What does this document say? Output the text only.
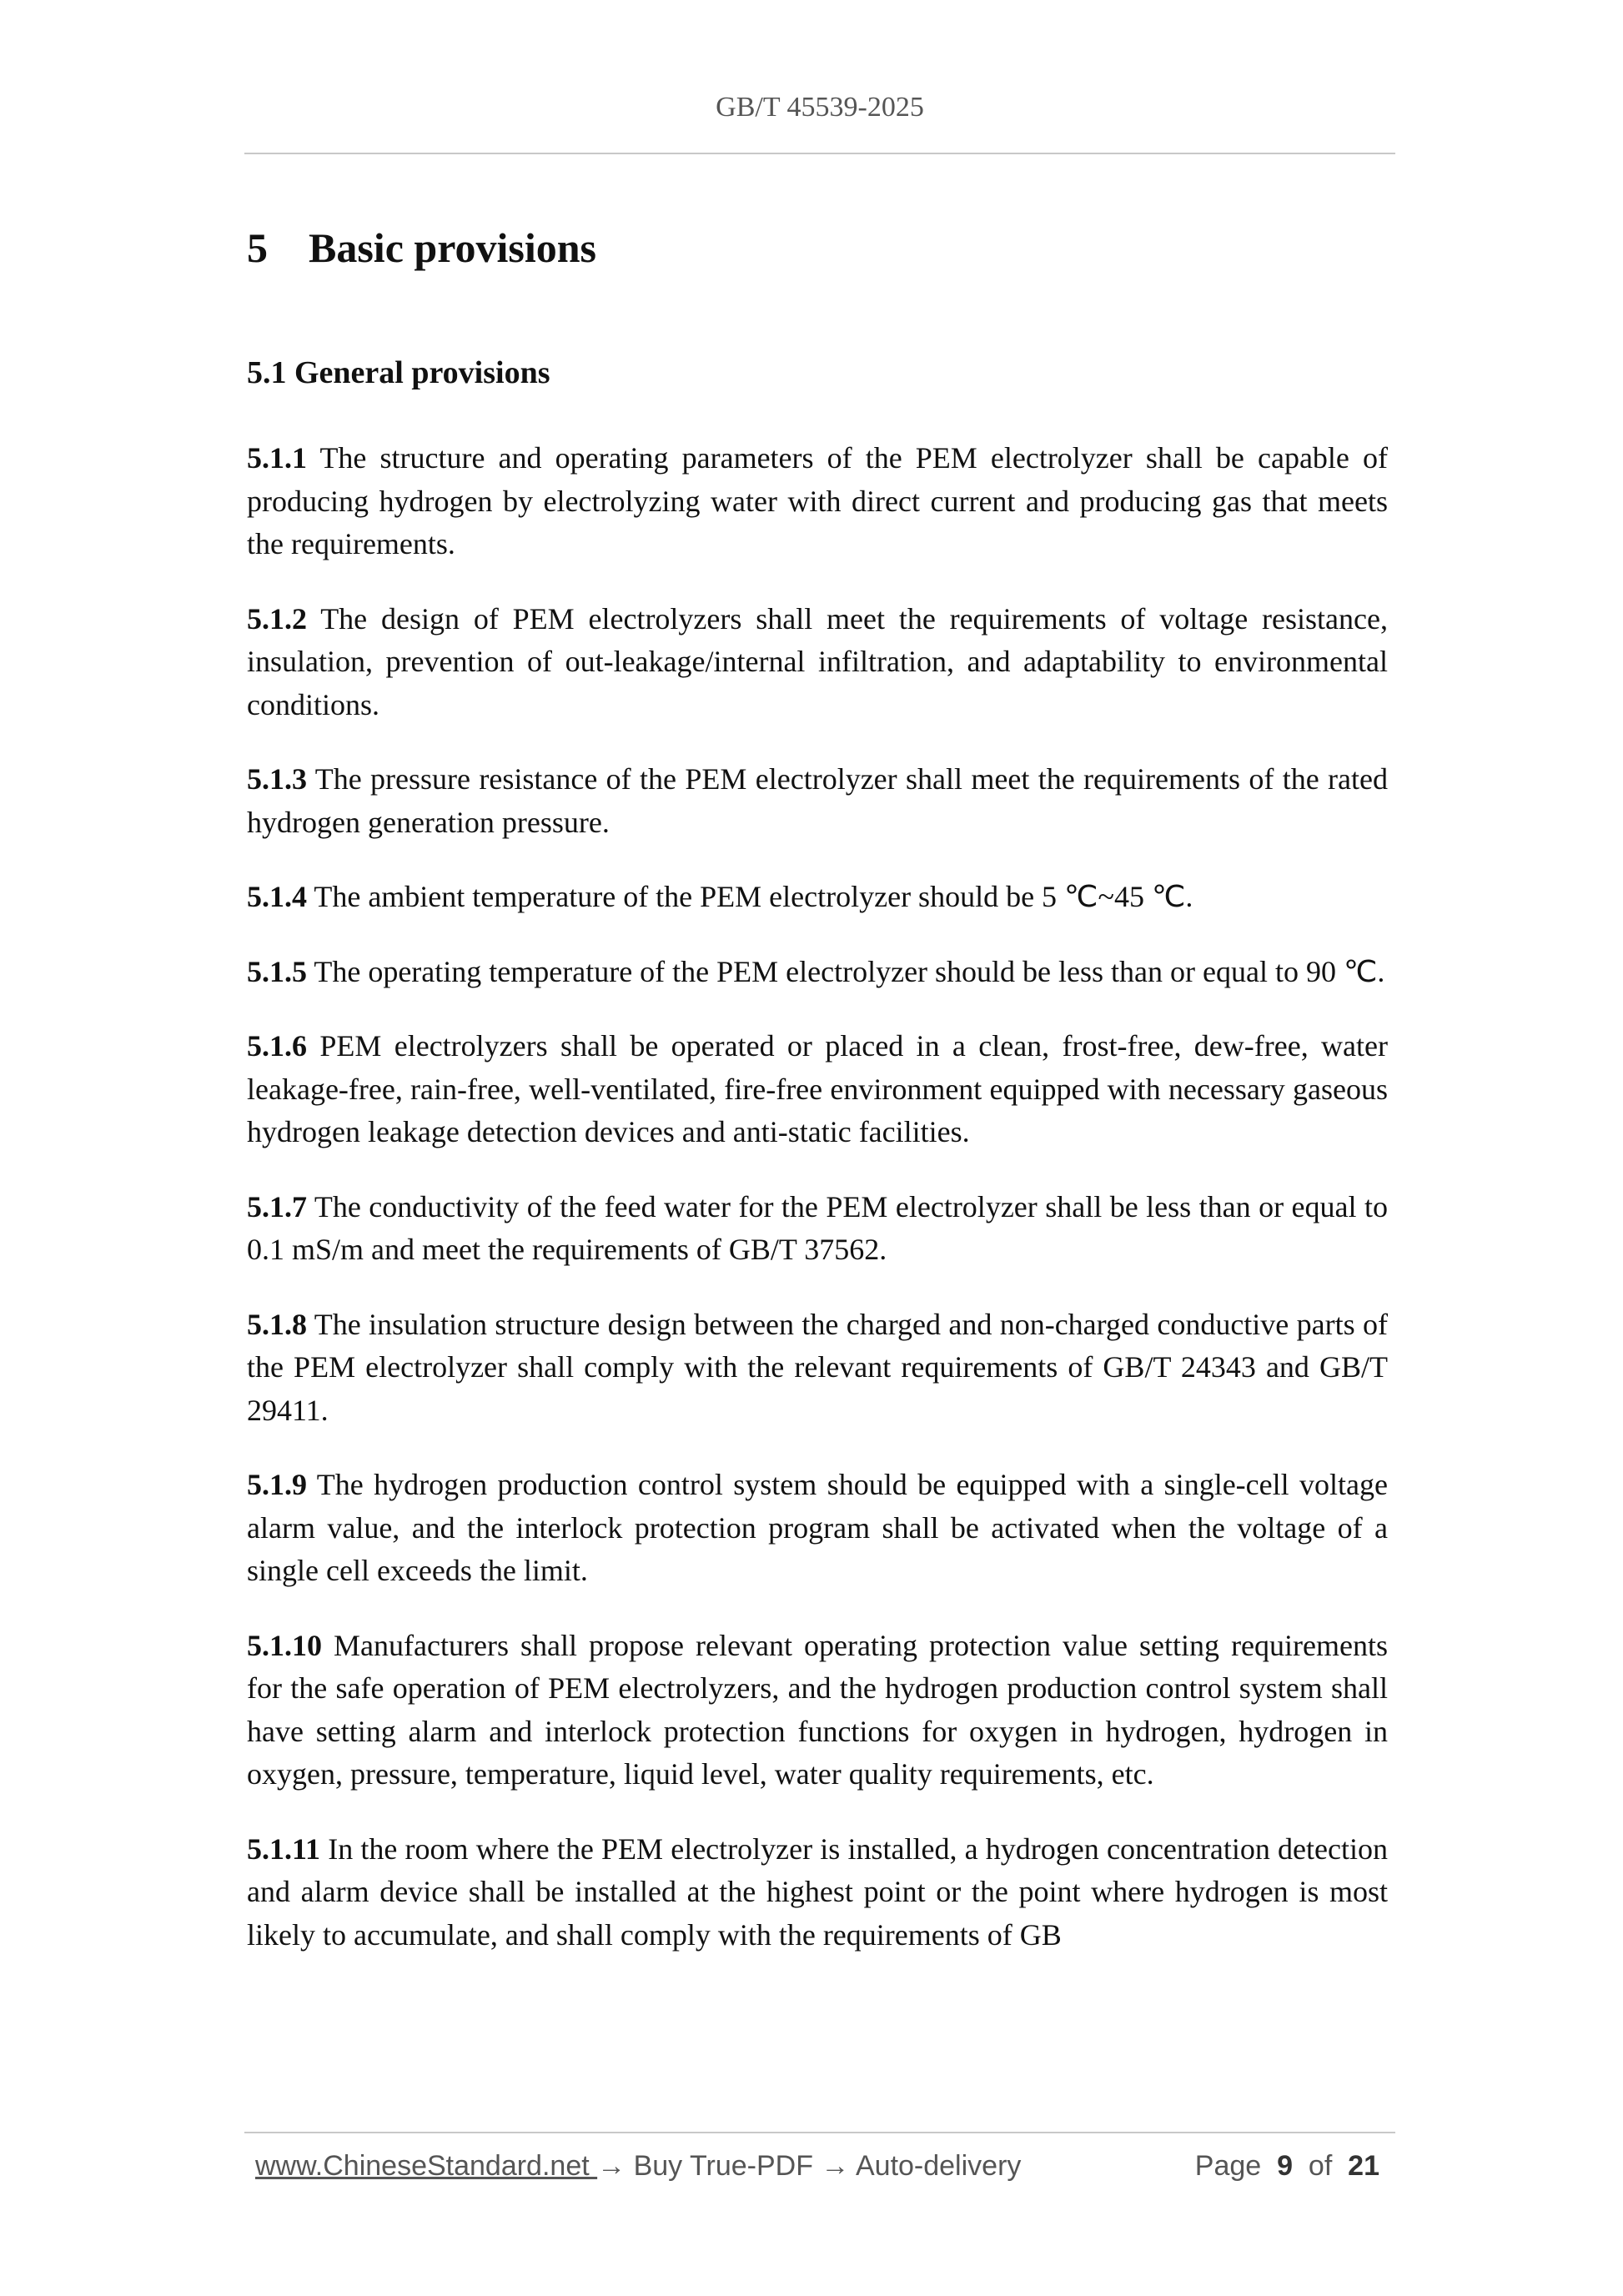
GB/T 45539-2025
5 Basic provisions
5.1 General provisions

5.1.1 The structure and operating parameters of the PEM electrolyzer shall be capable of producing hydrogen by electrolyzing water with direct current and producing gas that meets the requirements.

5.1.2 The design of PEM electrolyzers shall meet the requirements of voltage resistance, insulation, prevention of out-leakage/internal infiltration, and adaptability to environmental conditions.

5.1.3 The pressure resistance of the PEM electrolyzer shall meet the requirements of the rated hydrogen generation pressure.

5.1.4 The ambient temperature of the PEM electrolyzer should be 5 ℃~45 ℃.

5.1.5 The operating temperature of the PEM electrolyzer should be less than or equal to 90 ℃.

5.1.6 PEM electrolyzers shall be operated or placed in a clean, frost-free, dew-free, water leakage-free, rain-free, well-ventilated, fire-free environment equipped with necessary gaseous hydrogen leakage detection devices and anti-static facilities.

5.1.7 The conductivity of the feed water for the PEM electrolyzer shall be less than or equal to 0.1 mS/m and meet the requirements of GB/T 37562.

5.1.8 The insulation structure design between the charged and non-charged conductive parts of the PEM electrolyzer shall comply with the relevant requirements of GB/T 24343 and GB/T 29411.

5.1.9 The hydrogen production control system should be equipped with a single-cell voltage alarm value, and the interlock protection program shall be activated when the voltage of a single cell exceeds the limit.

5.1.10 Manufacturers shall propose relevant operating protection value setting requirements for the safe operation of PEM electrolyzers, and the hydrogen production control system shall have setting alarm and interlock protection functions for oxygen in hydrogen, hydrogen in oxygen, pressure, temperature, liquid level, water quality requirements, etc.

5.1.11 In the room where the PEM electrolyzer is installed, a hydrogen concentration detection and alarm device shall be installed at the highest point or the point where hydrogen is most likely to accumulate, and shall comply with the requirements of GB

www.ChineseStandard.net → Buy True-PDF → Auto-delivery	Page 9 of 21
